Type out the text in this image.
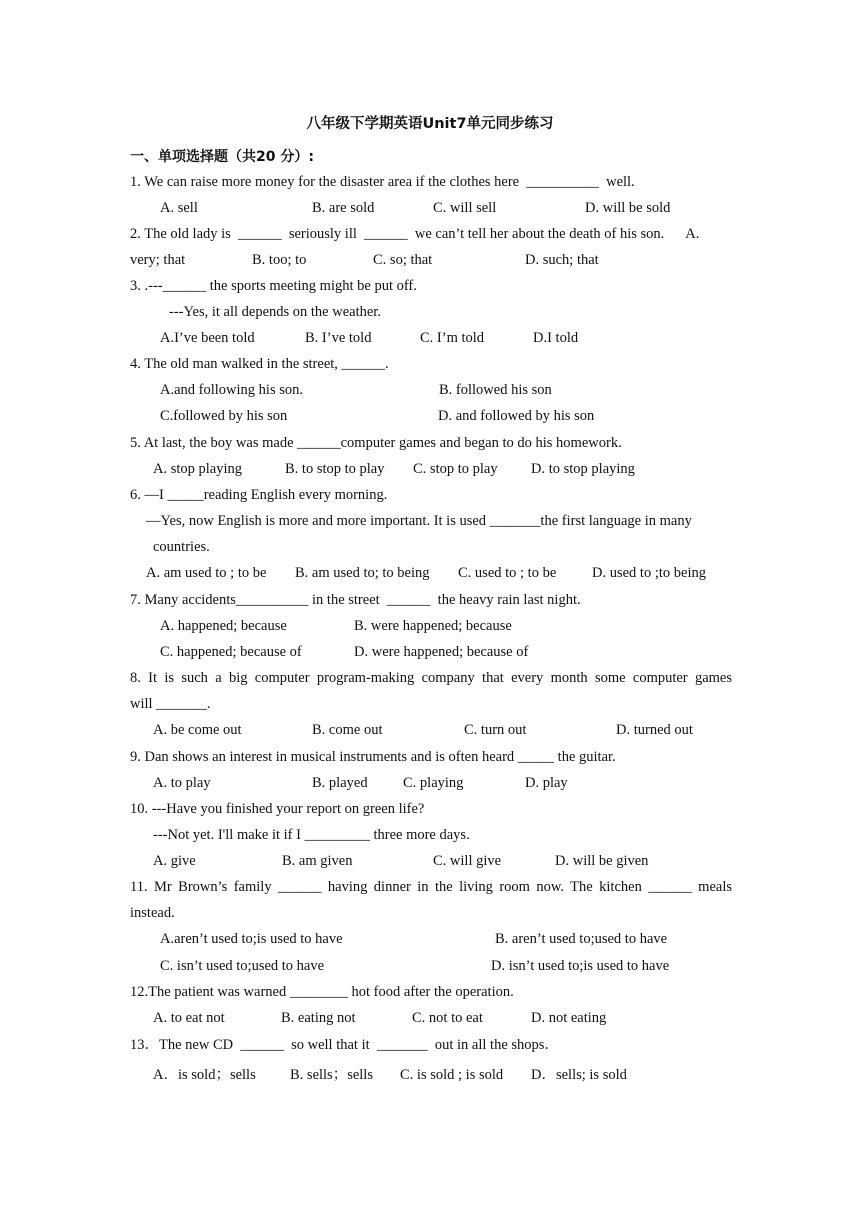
八年级下学期英语Unit7单元同步练习
一、单项选择题（共20 分）:
1. We can raise more money for the disaster area if the clothes here  __________  well.
A. sell	B. are sold	C. will sell	D. will be sold
2. The old lady is  ______  seriously ill  ______  we can’t tell her about the death of his son.      A.
very; that	B. too; to	C. so; that	D. such; that
3. .---______ the sports meeting might be put off.
---Yes, it all depends on the weather.
A.I’ve been told	B. I’ve told	C. I’m told	D.I told
4. The old man walked in the street, ______.
A.and following his son.	B. followed his son
C.followed by his son	D. and followed by his son
5. At last, the boy was made ______computer games and began to do his homework.
A. stop playing	B. to stop to play C. stop to play D. to stop playing
6. —I _____reading English every morning.
—Yes, now English is more and more important. It is used _______the first language in many
countries.
A. am used to ; to be B. am used to; to being C. used to ; to be D. used to ;to being
7. Many accidents__________ in the street  ______  the heavy rain last night.
A. happened; because	B. were happened; because
C. happened; because of	D. were happened; because of
8. It is such a big computer program-making company that every month some computer games
will _______.
A. be come out	B. come out	C. turn out	D. turned out
9. Dan shows an interest in musical instruments and is often heard _____ the guitar.
A. to play	B. played C. playing	D. play
10. ---Have you finished your report on green life?
---Not yet. I'll make it if I _________ three more days.
A. give	B. am given	C. will give	D. will be given
11. Mr Brown’s family ______ having dinner in the living room now. The kitchen ______ meals
instead.
A.aren’t used to;is used to have	B. aren’t used to;used to have
C. isn’t used to;used to have	D. isn’t used to;is used to have
12.The patient was warned ________ hot food after the operation.
A. to eat not	B. eating not	C. not to eat	D. not eating
13．The new CD  ______  so well that it  _______  out in all the shops．
A．is sold；sells B. sells；sells C. is sold ; is sold D．sells; is sold
